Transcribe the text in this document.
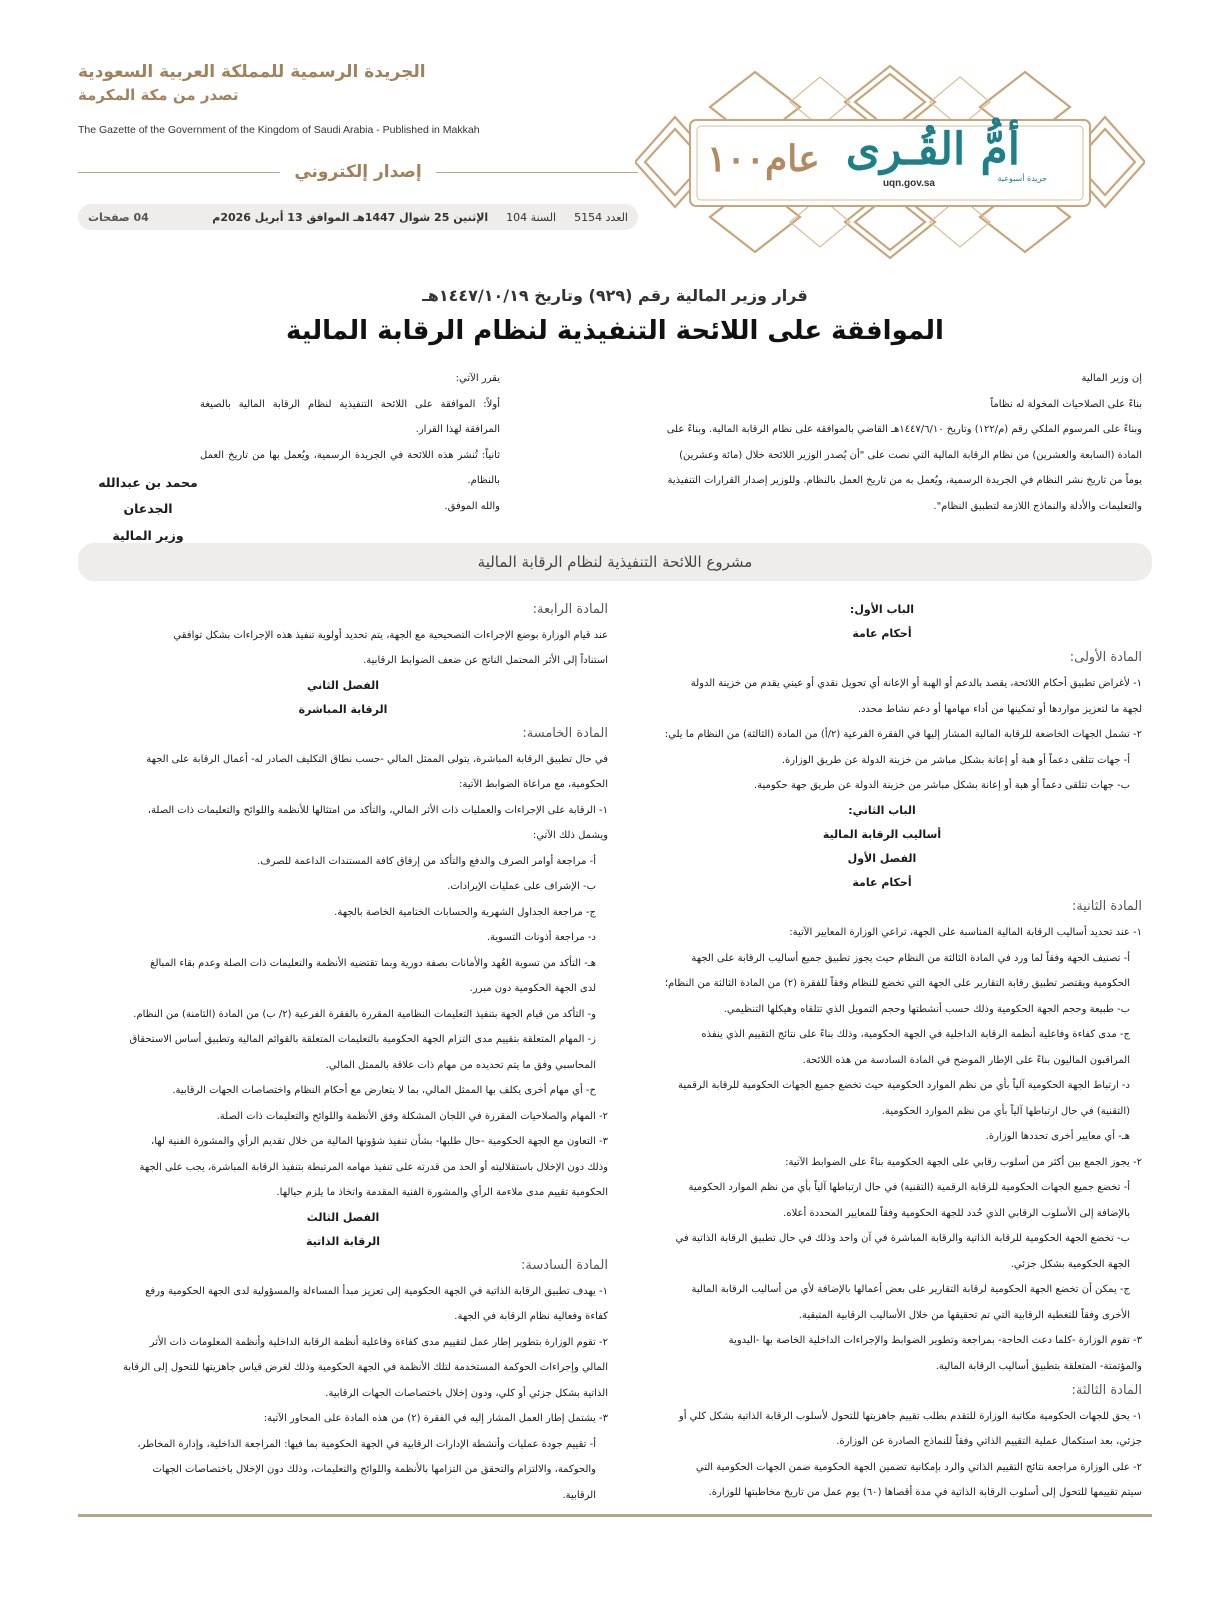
أمُّ القُـرى
جريدة أسبوعية
عام١٠٠
uqn.gov.sa
الجريدة الرسمية للمملكة العربية السعودية
تصدر من مكة المكرمة
The Gazette of the Government of the Kingdom of Saudi Arabia - Published in Makkah
إصدار إلكتروني
العدد 5154
السنة 104
الإثنين 25 شوال 1447هـ الموافق 13 أبريل 2026م
04 صفحات
قرار وزير المالية رقم (٩٢٩) وتاريخ ١٤٤٧/١٠/١٩هـ
الموافقة على اللائحة التنفيذية لنظام الرقابة المالية

إن وزير المالية

بناءً على الصلاحيات المخولة له نظاماً

وبناءً على المرسوم الملكي رقم (م/١٢٢) وتاريخ ١٤٤٧/٦/١٠هـ القاضي بالموافقة على نظام الرقابة المالية. وبناءً على

المادة (السابعة والعشرين) من نظام الرقابة المالية التي نصت على "أن يُصدر الوزير اللائحة خلال (مائة وعشرين)

يوماً من تاريخ نشر النظام في الجريدة الرسمية، ويُعمل به من تاريخ العمل بالنظام. وللوزير إصدار القرارات التنفيذية

والتعليمات والأدلة والنماذج اللازمة لتطبيق النظام".

يقرر الآتي:

أولاً: الموافقة على اللائحة التنفيذية لنظام الرقابة المالية بالصيغة المرافقة لهذا القرار.

ثانياً: تُنشر هذه اللائحة في الجريدة الرسمية، ويُعمل بها من تاريخ العمل بالنظام.

والله الموفق.

محمد بن عبدالله الجدعان
وزير المالية
مشروع اللائحة التنفيذية لنظام الرقابة المالية

الباب الأول:

أحكام عامة

المادة الأولى:

١- لأغراض تطبيق أحكام اللائحة، يقصد بالدعم أو الهبة أو الإعانة أي تحويل نقدي أو عيني يقدم من خزينة الدولة

لجهة ما لتعزيز مواردها أو تمكينها من أداء مهامها أو دعم نشاط محدد.

٢- تشمل الجهات الخاضعة للرقابة المالية المشار إليها في الفقرة الفرعية (٢/أ) من المادة (الثالثة) من النظام ما يلي:

أ- جهات تتلقى دعماً أو هبة أو إعانة بشكل مباشر من خزينة الدولة عن طريق الوزارة.

ب- جهات تتلقى دعماً أو هبة أو إعانة بشكل مباشر من خزينة الدولة عن طريق جهة حكومية.

الباب الثاني:

أساليب الرقابة المالية

الفصل الأول

أحكام عامة

المادة الثانية:

١- عند تحديد أساليب الرقابة المالية المناسبة على الجهة، تراعي الوزارة المعايير الآتية:

أ- تصنيف الجهة وفقاً لما ورد في المادة الثالثة من النظام حيث يجوز تطبيق جميع أساليب الرقابة على الجهة

الحكومية ويقتصر تطبيق رقابة التقارير على الجهة التي تخضع للنظام وفقاً للفقرة (٢) من المادة الثالثة من النظام؛

ب- طبيعة وحجم الجهة الحكومية وذلك حسب أنشطتها وحجم التمويل الذي تتلقاه وهيكلها التنظيمي.

ج- مدى كفاءة وفاعلية أنظمة الرقابة الداخلية في الجهة الحكومية، وذلك بناءً على نتائج التقييم الذي ينفذه

المراقبون الماليون بناءً على الإطار الموضح في المادة السادسة من هذه اللائحة.

د- ارتباط الجهة الحكومية آلياً بأي من نظم الموارد الحكومية حيث تخضع جميع الجهات الحكومية للرقابة الرقمية

(التقنية) في حال ارتباطها آلياً بأي من نظم الموارد الحكومية.

هـ- أي معايير أخرى تحددها الوزارة.

٢- يجوز الجمع بين أكثر من أسلوب رقابي على الجهة الحكومية بناءً على الضوابط الآتية:

أ- تخضع جميع الجهات الحكومية للرقابة الرقمية (التقنية) في حال ارتباطها آلياً بأي من نظم الموارد الحكومية

بالإضافة إلى الأسلوب الرقابي الذي حُدد للجهة الحكومية وفقاً للمعايير المحددة أعلاه.

ب- تخضع الجهة الحكومية للرقابة الذاتية والرقابة المباشرة في آن واحد وذلك في حال تطبيق الرقابة الذاتية في

الجهة الحكومية بشكل جزئي.

ج- يمكن أن تخضع الجهة الحكومية لرقابة التقارير على بعض أعمالها بالإضافة لأي من أساليب الرقابة المالية

الأخرى وفقاً للتغطية الرقابية التي تم تحقيقها من خلال الأساليب الرقابية المتبقية.

٣- تقوم الوزارة -كلما دعت الحاجة- بمراجعة وتطوير الضوابط والإجراءات الداخلية الخاصة بها -اليدوية

والمؤتمتة- المتعلقة بتطبيق أساليب الرقابة المالية.

المادة الثالثة:

١- يحق للجهات الحكومية مكاتبة الوزارة للتقدم بطلب تقييم جاهزيتها للتحول لأسلوب الرقابة الذاتية بشكل كلي أو

جزئي، بعد استكمال عملية التقييم الذاتي وفقاً للنماذج الصادرة عن الوزارة.

٢- على الوزارة مراجعة نتائج التقييم الذاتي والرد بإمكانية تضمين الجهة الحكومية ضمن الجهات الحكومية التي

سيتم تقييمها للتحول إلى أسلوب الرقابة الذاتية في مدة أقصاها (٦٠) يوم عمل من تاريخ مخاطبتها للوزارة.

المادة الرابعة:

عند قيام الوزارة بوضع الإجراءات التصحيحية مع الجهة، يتم تحديد أولوية تنفيذ هذه الإجراءات بشكل توافقي

استناداً إلى الأثر المحتمل الناتج عن ضعف الضوابط الرقابية.

الفصل الثاني

الرقابة المباشرة

المادة الخامسة:

في حال تطبيق الرقابة المباشرة، يتولى الممثل المالي -حسب نطاق التكليف الصادر له- أعمال الرقابة على الجهة

الحكومية، مع مراعاة الضوابط الآتية:

١- الرقابة على الإجراءات والعمليات ذات الأثر المالي، والتأكد من امتثالها للأنظمة واللوائح والتعليمات ذات الصلة،

ويشمل ذلك الآتي:

أ- مراجعة أوامر الصرف والدفع والتأكد من إرفاق كافة المستندات الداعمة للصرف.

ب- الإشراف على عمليات الإيرادات.

ج- مراجعة الجداول الشهرية والحسابات الختامية الخاصة بالجهة.

د- مراجعة أذونات التسوية.

هـ- التأكد من تسوية العُهد والأمانات بصفة دورية وبما تقتضيه الأنظمة والتعليمات ذات الصلة وعدم بقاء المبالغ

لدى الجهة الحكومية دون مبرر.

و- التأكد من قيام الجهة بتنفيذ التعليمات النظامية المقررة بالفقرة الفرعية (٢/ ب) من المادة (الثامنة) من النظام.

ز- المهام المتعلقة بتقييم مدى التزام الجهة الحكومية بالتعليمات المتعلقة بالقوائم المالية وتطبيق أساس الاستحقاق

المحاسبي وفق ما يتم تحديده من مهام ذات علاقة بالممثل المالي.

ح- أي مهام أخرى يكلف بها الممثل المالي، بما لا يتعارض مع أحكام النظام واختصاصات الجهات الرقابية.

٢- المهام والصلاحيات المقررة في اللجان المشكلة وفق الأنظمة واللوائح والتعليمات ذات الصلة.

٣- التعاون مع الجهة الحكومية -حال طلبها- بشأن تنفيذ شؤونها المالية من خلال تقديم الرأي والمشورة الفنية لها،

وذلك دون الإخلال باستقلاليته أو الحد من قدرته على تنفيذ مهامه المرتبطة بتنفيذ الرقابة المباشرة، يجب على الجهة

الحكومية تقييم مدى ملاءمة الرأي والمشورة الفنية المقدمة واتخاذ ما يلزم حيالها.

الفصل الثالث

الرقابة الذاتية

المادة السادسة:

١- يهدف تطبيق الرقابة الذاتية في الجهة الحكومية إلى تعزيز مبدأ المساءلة والمسؤولية لدى الجهة الحكومية ورفع

كفاءة وفعالية نظام الرقابة في الجهة.

٢- تقوم الوزارة بتطوير إطار عمل لتقييم مدى كفاءة وفاعلية أنظمة الرقابة الداخلية وأنظمة المعلومات ذات الأثر

المالي وإجراءات الحوكمة المستخدمة لتلك الأنظمة في الجهة الحكومية وذلك لغرض قياس جاهزيتها للتحول إلى الرقابة

الذاتية بشكل جزئي أو كلي، ودون إخلال باختصاصات الجهات الرقابية.

٣- يشتمل إطار العمل المشار إليه في الفقرة (٢) من هذه المادة على المحاور الآتية:

أ- تقييم جودة عمليات وأنشطة الإدارات الرقابية في الجهة الحكومية بما فيها: المراجعة الداخلية، وإدارة المخاطر،

والحوكمة، والالتزام والتحقق من التزامها بالأنظمة واللوائح والتعليمات، وذلك دون الإخلال باختصاصات الجهات

الرقابية.
